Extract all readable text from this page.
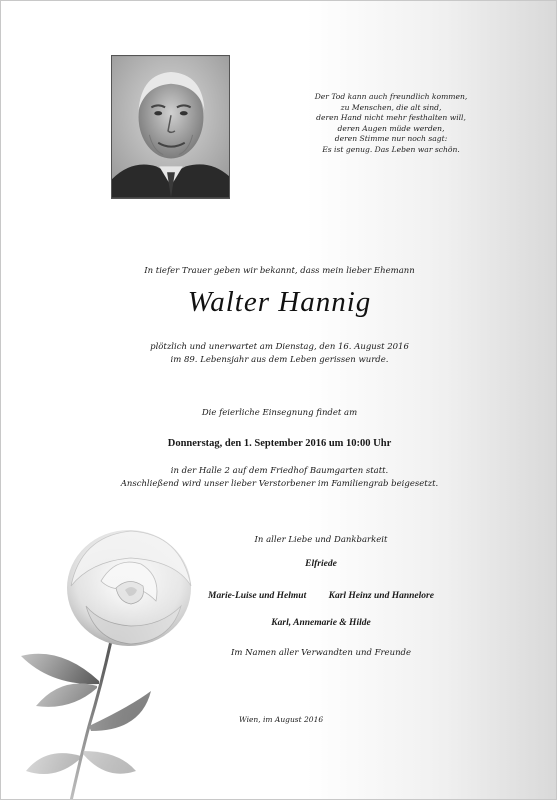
Der Tod kann auch freundlich kommen,
zu Menschen, die alt sind,
deren Hand nicht mehr festhalten will,
deren Augen müde werden,
deren Stimme nur noch sagt:
Es ist genug. Das Leben war schön.
In tiefer Trauer geben wir bekannt, dass mein lieber Ehemann
Walter Hannig
plötzlich und unerwartet am Dienstag, den 16. August 2016
im 89. Lebensjahr aus dem Leben gerissen wurde.
Die feierliche Einsegnung findet am
Donnerstag, den 1. September 2016 um 10:00 Uhr
in der Halle 2 auf dem Friedhof Baumgarten statt.
Anschließend wird unser lieber Verstorbener im Familiengrab beigesetzt.
In aller Liebe und Dankbarkeit
Elfriede
Marie-Luise und Helmut Karl Heinz und Hannelore
Karl, Annemarie & Hilde
Im Namen aller Verwandten und Freunde
Wien, im August 2016
